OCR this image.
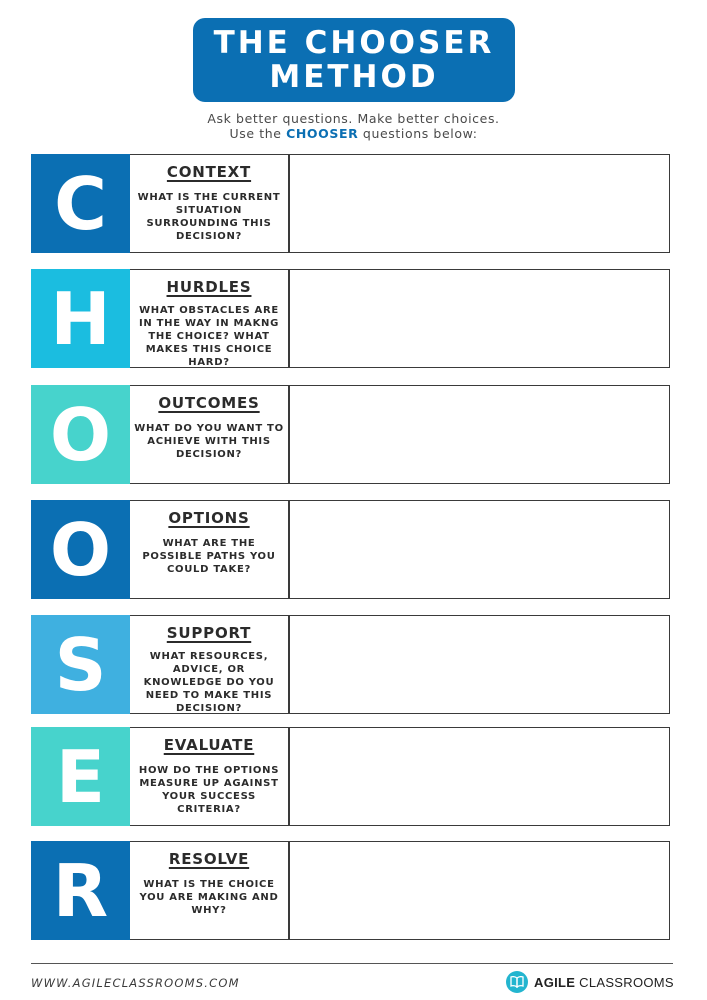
THE CHOOSER
METHOD
Ask better questions. Make better choices.
Use the CHOOSER questions below:
C	CONTEXT
WHAT IS THE CURRENT SITUATION SURROUNDING THIS DECISION?
H	HURDLES
WHAT OBSTACLES ARE IN THE WAY IN MAKNG THE CHOICE? WHAT MAKES THIS CHOICE HARD?
O	OUTCOMES
WHAT DO YOU WANT TO ACHIEVE WITH THIS DECISION?
O	OPTIONS
WHAT ARE THE POSSIBLE PATHS YOU COULD TAKE?
S	SUPPORT
WHAT RESOURCES, ADVICE, OR KNOWLEDGE DO YOU NEED TO MAKE THIS DECISION?
E	EVALUATE
HOW DO THE OPTIONS MEASURE UP AGAINST YOUR SUCCESS CRITERIA?
R	RESOLVE
WHAT IS THE CHOICE YOU ARE MAKING AND WHY?
WWW.AGILECLASSROOMS.COM	AGILE CLASSROOMS
